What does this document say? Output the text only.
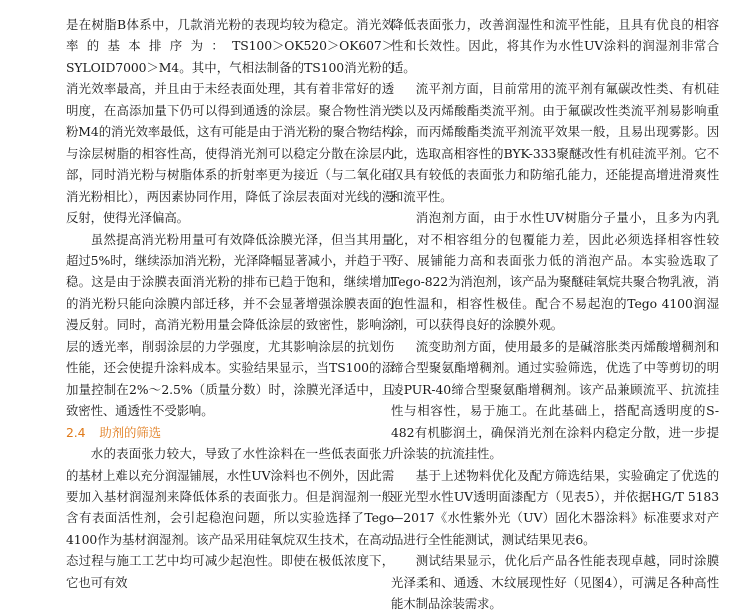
是在树脂B体系中，几款消光粉的表现均较为稳定。消光效率的基本排序为：TS100＞OK520＞OK607＞SYLOID7000＞M4。其中，气相法制备的TS100消光粉的消光效率最高，并且由于未经表面处理，其有着非常好的透明度，在高添加量下仍可以得到通透的涂层。聚合物性消光粉M4的消光效率最低，这有可能是由于消光粉的聚合物结构与涂层树脂的相容性高，使得消光剂可以稳定分散在涂层内部，同时消光粉与树脂体系的折射率更为接近（与二氧化硅消光粉相比），两因素协同作用，降低了涂层表面对光线的漫反射，使得光泽偏高。

虽然提高消光粉用量可有效降低涂膜光泽，但当其用量超过5%时，继续添加消光粉，光泽降幅显著减小，并趋于平稳。这是由于涂膜表面消光粉的排布已趋于饱和，继续增加的消光粉只能向涂膜内部迁移，并不会显著增强涂膜表面的漫反射。同时，高消光粉用量会降低涂层的致密性，影响涂层的透光率，削弱涂层的力学强度，尤其影响涂层的抗划伤性能，还会使提升涂料成本。实验结果显示，当TS100的添加量控制在2%～2.5%（质量分数）时，涂膜光泽适中，且致密性、通透性不受影响。

2.4 助剂的筛选

水的表面张力较大，导致了水性涂料在一些低表面张力的基材上难以充分润湿铺展，水性UV涂料也不例外，因此需要加入基材润湿剂来降低体系的表面张力。但是润湿剂一般含有表面活性剂，会引起稳泡问题，所以实验选择了Tego 4100作为基材润湿剂。该产品采用硅氧烷双生技术，在高动态过程与施工工艺中均可减少起泡性。即使在极低浓度下，它也可有效

降低表面张力，改善润湿性和流平性能，且具有优良的相容性和长效性。因此，将其作为水性UV涂料的润湿剂非常合适。

流平剂方面，目前常用的流平剂有氟碳改性类、有机硅类以及丙烯酸酯类流平剂。由于氟碳改性类流平剂易影响重涂，而丙烯酸酯类流平剂流平效果一般，且易出现雾影。因此，选取高相容性的BYK-333聚醚改性有机硅流平剂。它不仅具有较低的表面张力和防缩孔能力，还能提高增进滑爽性和流平性。

消泡剂方面，由于水性UV树脂分子量小，且多为内乳化，对不相容组分的包覆能力差，因此必须选择相容性较好、展铺能力高和表面张力低的消泡产品。本实验选取了Tego-822为消泡剂，该产品为聚醚硅氧烷共聚合物乳液，消泡性温和，相容性极佳。配合不易起泡的Tego 4100润湿剂，可以获得良好的涂膜外观。

流变助剂方面，使用最多的是碱溶胀类丙烯酸增稠剂和缔合型聚氨酯增稠剂。通过实验筛选，优选了中等剪切的明凌PUR-40缔合型聚氨酯增稠剂。该产品兼顾流平、抗流挂性与相容性，易于施工。在此基础上，搭配高透明度的S-482有机膨润土，确保消光剂在涂料内稳定分散，进一步提升涂装的抗流挂性。

基于上述物料优化及配方筛选结果，实验确定了优选的亚光型水性UV透明面漆配方（见表5），并依据HG/T 5183—2017《水性紫外光（UV）固化木器涂料》标准要求对产品进行全性能测试，测试结果见表6。

测试结果显示，优化后产品各性能表现卓越，同时涂膜光泽柔和、通透、木纹展现性好（见图4），可满足各种高性能木制品涂装需求。
